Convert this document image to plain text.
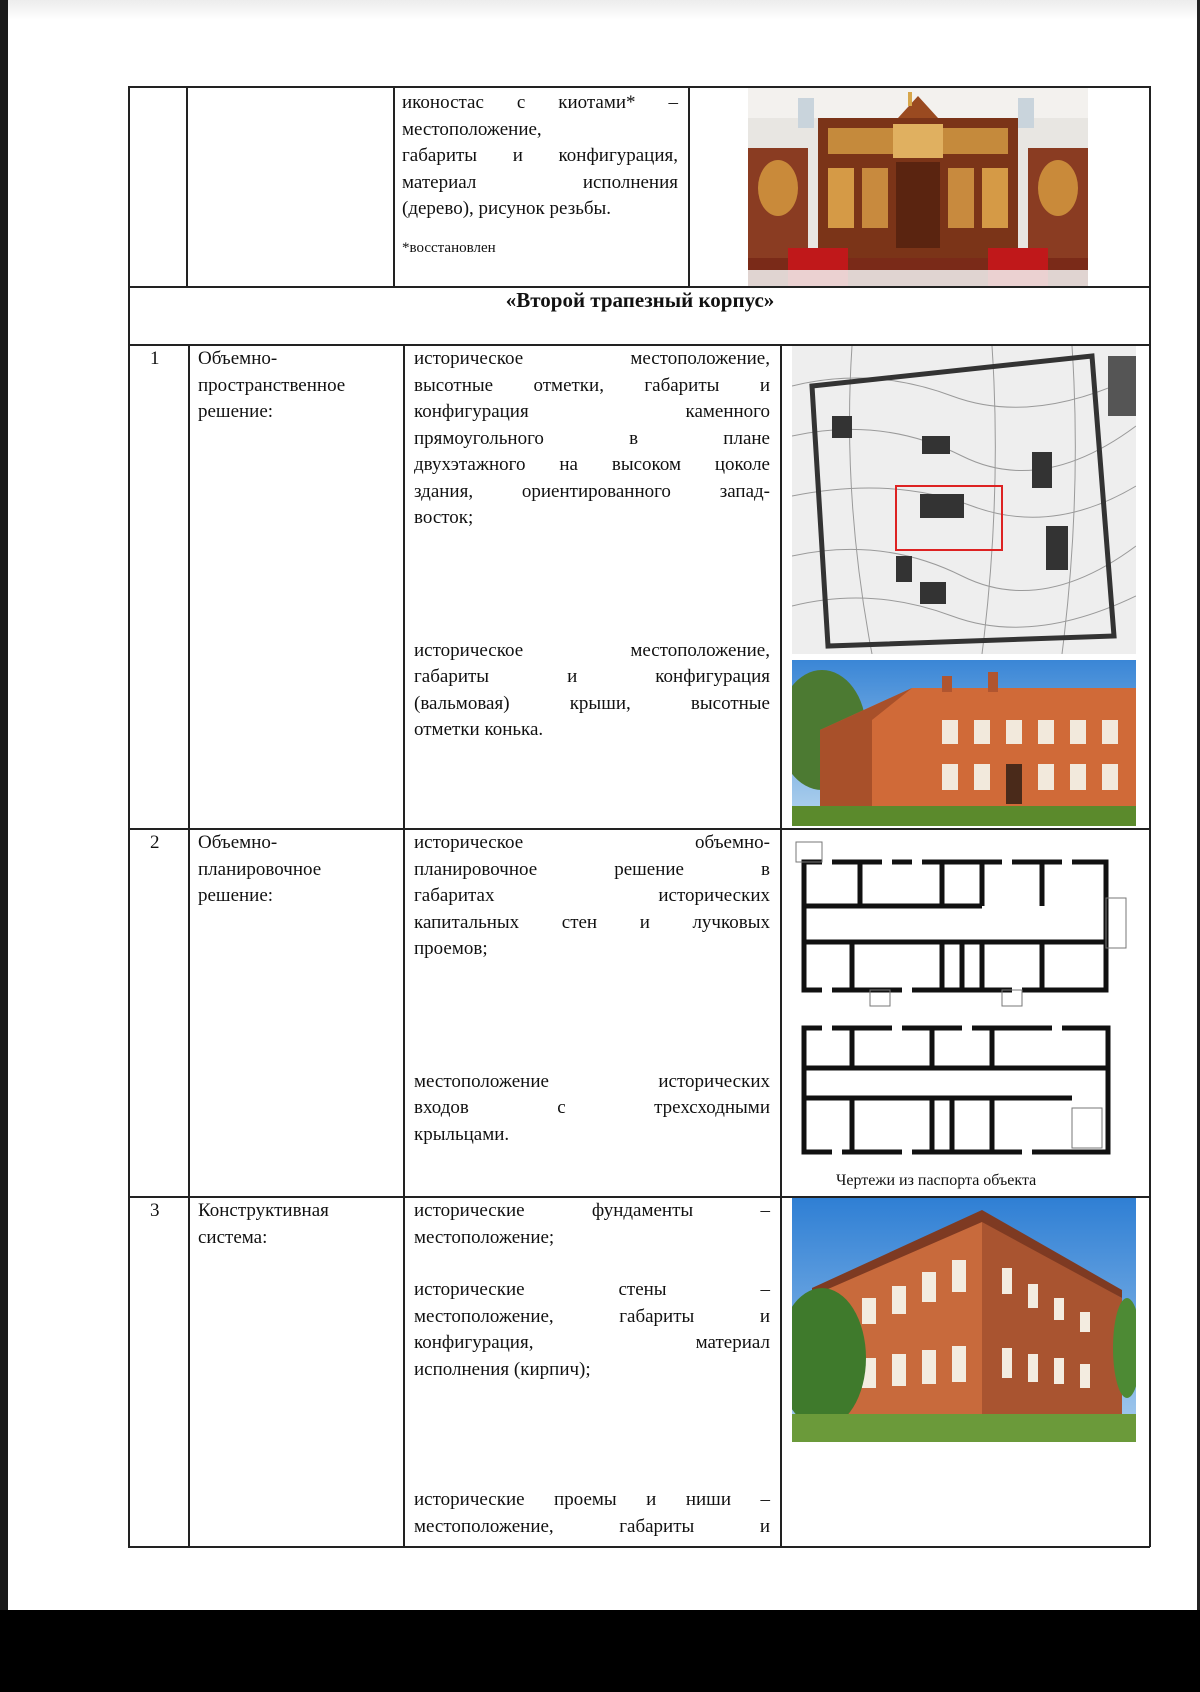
иконостас с киотами* –
местоположение,
габариты и конфигурация,
материал исполнения
(дерево), рисунок резьбы.
*восстановлен
«Второй трапезный корпус»
1 Объемно-
пространственное
решение:
историческое местоположение,
высотные отметки, габариты и
конфигурация каменного
прямоугольного в плане
двухэтажного на высоком цоколе
здания, ориентированного запад-
восток;
историческое местоположение,
габариты и конфигурация
(вальмовая) крыши, высотные
отметки конька.
2 Объемно-
планировочное
решение:
историческое объемно-
планировочное решение в
габаритах исторических
капитальных стен и лучковых
проемов;
местоположение исторических
входов с трехсходными
крыльцами.
Чертежи из паспорта объекта
3 Конструктивная
система:
исторические фундаменты –
местоположение;
исторические стены –
местоположение, габариты и
конфигурация, материал
исполнения (кирпич);
исторические проемы и ниши –
местоположение, габариты и
